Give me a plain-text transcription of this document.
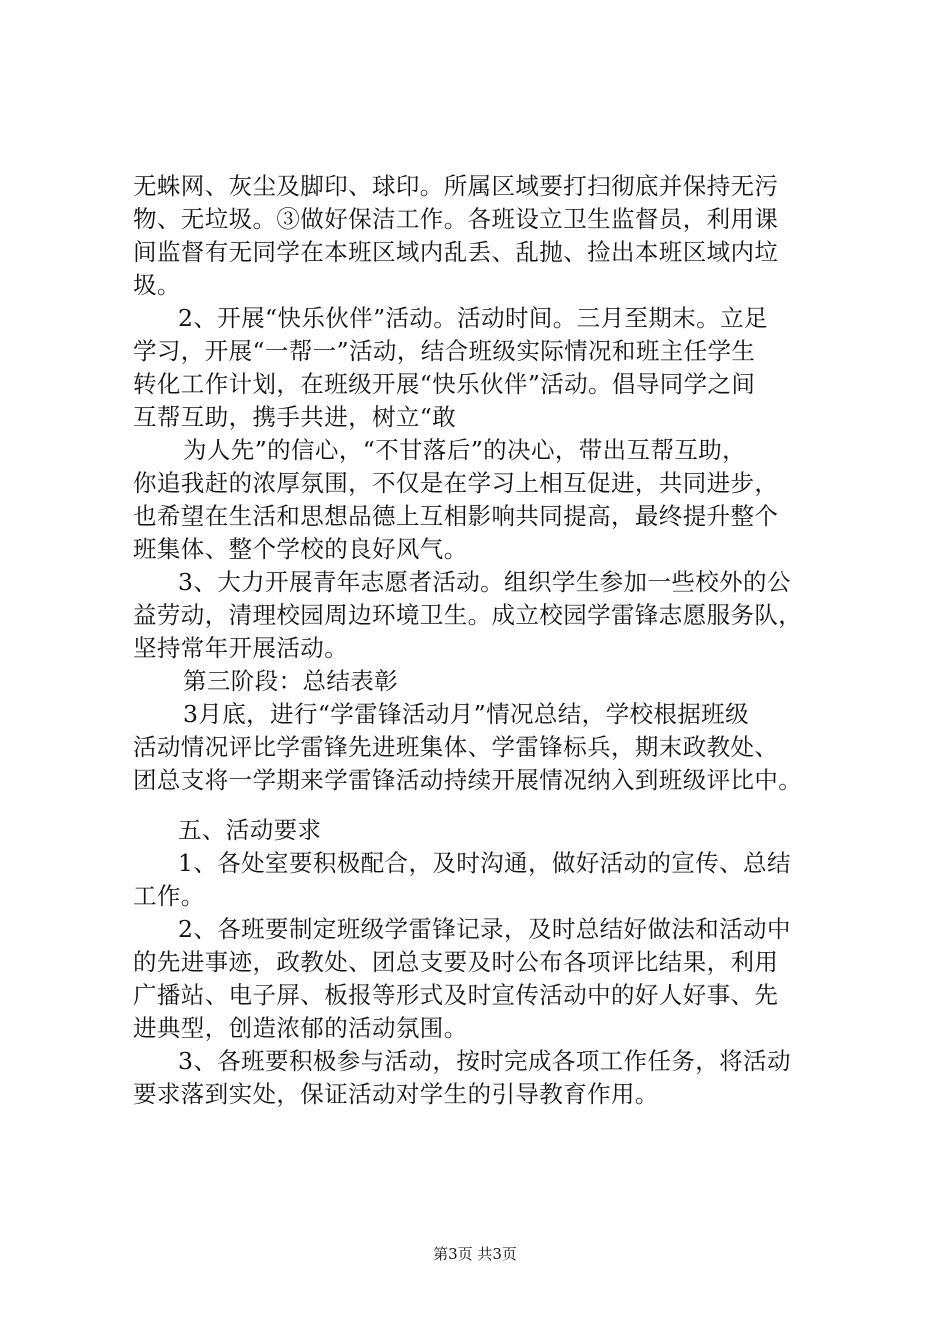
无蛛网、灰尘及脚印、球印。所属区域要打扫彻底并保持无污
物、无垃圾。③做好保洁工作。各班设立卫生监督员，利用课
间监督有无同学在本班区域内乱丢、乱抛、捡出本班区域内垃
圾。
2、开展“快乐伙伴”活动。活动时间。三月至期末。立足
学习，开展“一帮一”活动，结合班级实际情况和班主任学生
转化工作计划，在班级开展“快乐伙伴”活动。倡导同学之间
互帮互助，携手共进，树立“敢
为人先”的信心，“不甘落后”的决心，带出互帮互助，
你追我赶的浓厚氛围，不仅是在学习上相互促进，共同进步，
也希望在生活和思想品德上互相影响共同提高，最终提升整个
班集体、整个学校的良好风气。
3、大力开展青年志愿者活动。组织学生参加一些校外的公
益劳动，清理校园周边环境卫生。成立校园学雷锋志愿服务队，
坚持常年开展活动。
第三阶段：总结表彰
3月底，进行“学雷锋活动月”情况总结，学校根据班级
活动情况评比学雷锋先进班集体、学雷锋标兵，期末政教处、
团总支将一学期来学雷锋活动持续开展情况纳入到班级评比中。
五、活动要求
1、各处室要积极配合，及时沟通，做好活动的宣传、总结
工作。
2、各班要制定班级学雷锋记录，及时总结好做法和活动中
的先进事迹，政教处、团总支要及时公布各项评比结果，利用
广播站、电子屏、板报等形式及时宣传活动中的好人好事、先
进典型，创造浓郁的活动氛围。
3、各班要积极参与活动，按时完成各项工作任务，将活动
要求落到实处，保证活动对学生的引导教育作用。
第3页 共3页
